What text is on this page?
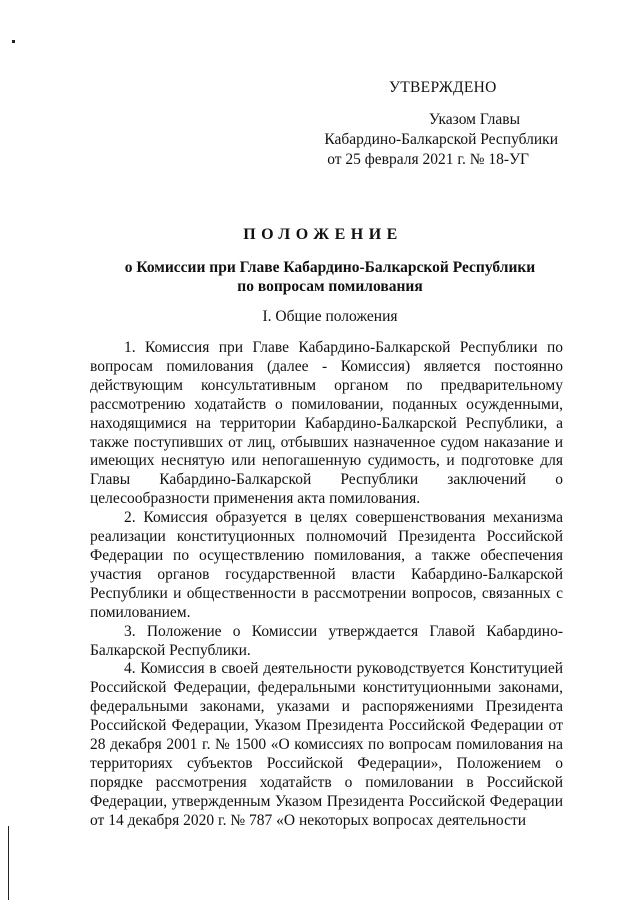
УТВЕРЖДЕНО
Указом Главы
Кабардино-Балкарской Республики
от 25 февраля 2021 г. № 18-УГ
ПОЛОЖЕНИЕ
о Комиссии при Главе Кабардино-Балкарской Республики
по вопросам помилования
I. Общие положения

1. Комиссия при Главе Кабардино-Балкарской Республики по вопросам помилования (далее - Комиссия) является постоянно действующим консультативным органом по предварительному рассмотрению ходатайств о помиловании, поданных осужденными, находящимися на территории Кабардино-Балкарской Республики, а также поступивших от лиц, отбывших назначенное судом наказание и имеющих неснятую или непогашенную судимость, и подготовке для Главы Кабардино-Балкарской Республики заключений о целесообразности применения акта помилования.

2. Комиссия образуется в целях совершенствования механизма реализации конституционных полномочий Президента Российской Федерации по осуществлению помилования, а также обеспечения участия органов государственной власти Кабардино-Балкарской Республики и общественности в рассмотрении вопросов, связанных с помилованием.

3. Положение о Комиссии утверждается Главой Кабардино-Балкарской Республики.

4. Комиссия в своей деятельности руководствуется Конституцией Российской Федерации, федеральными конституционными законами, федеральными законами, указами и распоряжениями Президента Российской Федерации, Указом Президента Российской Федерации от 28 декабря 2001 г. № 1500 «О комиссиях по вопросам помилования на территориях субъектов Российской Федерации», Положением о порядке рассмотрения ходатайств о помиловании в Российской Федерации, утвержденным Указом Президента Российской Федерации от 14 декабря 2020 г. № 787 «О некоторых вопросах деятельности
